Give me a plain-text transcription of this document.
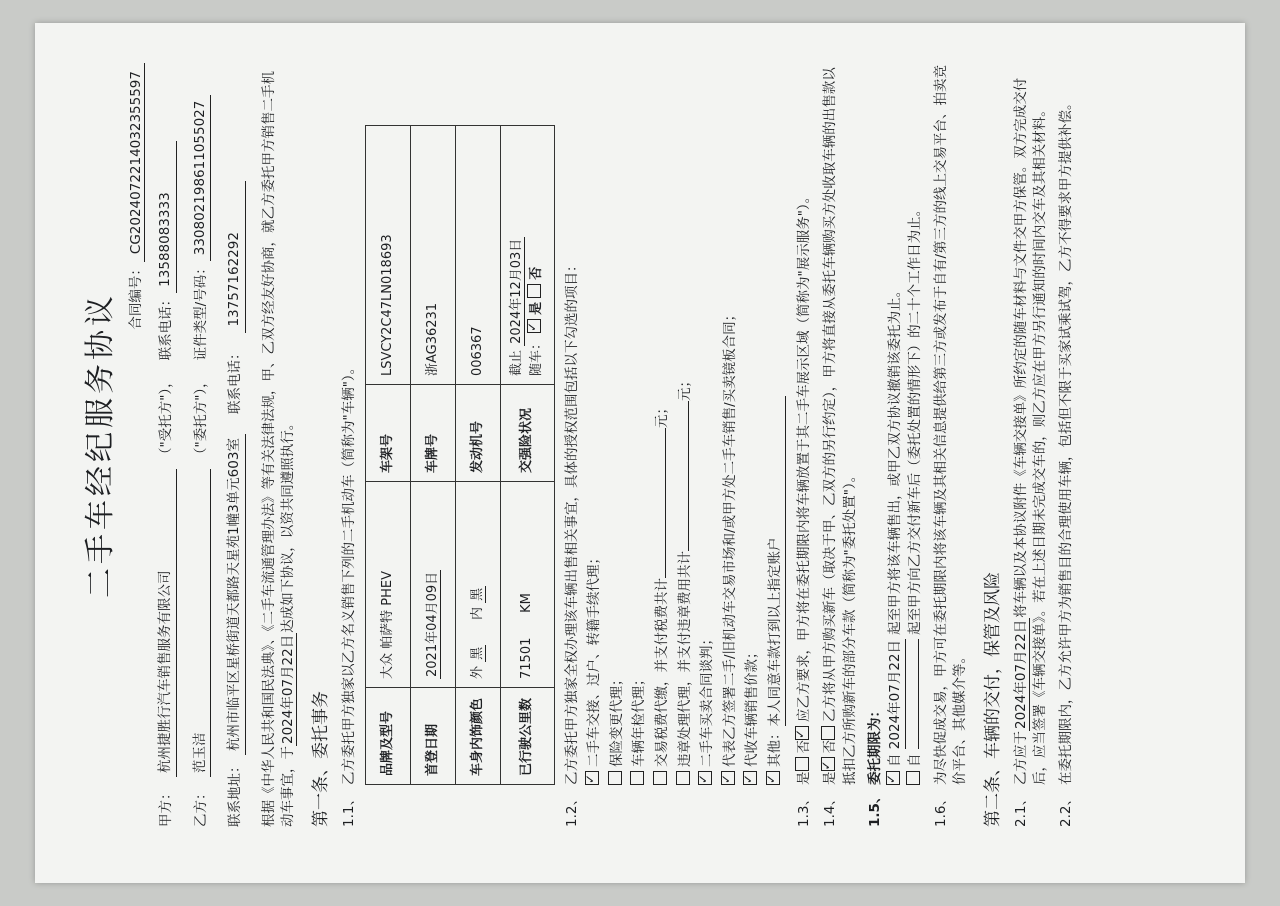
二手车经纪服务协议 合同编号：CG20240722140323555​97
甲方：
杭州捷胜行汽车销售服务有限公司
（"受托方"），
联系电话：
13588083333
乙方：
范玉洁
（"委托方"），
证件类型/号码：
330802198611055027
联系地址：
杭州市临平区星桥街道天都路天星苑1幢3单元603室
联系电话：
13757162292 根据《中华人民共和国民法典》、《二手车流通管理办法》等有关法律法规，甲、乙双方经友好协商，就乙方委托甲方销售二手机动车事宜，于2024年07月22日达成如下协议，以资共同遵照执行。

第一条、委托事务 1.1、
乙方委托甲方独家以乙方名义销售下列的二手机动车（简称为"车辆"）。 品牌及型号	大众 帕萨特 PHEV	车架号	LSVCY2C47LN018693
首登日期	2021年04月09日	车牌号	浙AG36231
车身内饰颜色	外 黑      内 黑	发动机号	006367
已行驶公里数	71501      KM	交强险状况	截止 2024年12月03日
随车： ✓是 否
1.2、
乙方委托甲方独家全权办理该车辆出售相关事宜，具体的授权范围包括以下勾选的项目：
✓ 二手车交接、过户、转籍手续代理； 保险变更代理； 车辆年检代理； 交易税费代缴，并支付税费共计元；
违章处理代理，并支付违章费用共计元；
✓二手车买卖合同谈判；
✓ 代表乙方签署二手/旧机动车交易市场和/或甲方处二手车销售/买卖镜板合同；
✓ 代收车辆销售价款；
✓ 其他：本人同意车款打到以上指定账户
1.3、
是否✓应乙方要求，甲方将在委托期限内将车辆放置于其二手车展示区域（简称为"展示服务"）。
1.4、
是✓否乙方将从甲方购买新车（取决于甲、乙双方的另行约定），甲方将直接从委托车辆购买方处收取车辆的出售款以抵扣乙方所购新车的部分车款（简称为"委托处置"）。
1.5、
委托期限为：
✓ 自 2024年07月22日 起至甲方将该车辆售出，或甲乙双方协议撤销该委托为止。
自  起至甲方向乙方交付新车后（委托处置的情形下）的二十个工作日为止。
1.6、
为尽快促成交易，甲方可在委托期限内将该车辆及其相关信息提供给第三方或发布于自有/第三方的线上交易平台、拍卖竞价平台、其他媒介等。 第二条、车辆的交付，保管及风险 2.1、
乙方应于2024年07月22日将车辆以及本协议附件《车辆交接单》所约定的随车材料与文件交甲方保管。双方完成交付后，应当签署《车辆交接单》。若在上述日期未完成交车的，则乙方应在甲方另行通知的时间内交车及其相关材料。
2.2、
在委托期限内，乙方允许甲方为销售目的合理使用车辆，包括但不限于买家试乘试驾，乙方不得要求甲方提供补偿。
